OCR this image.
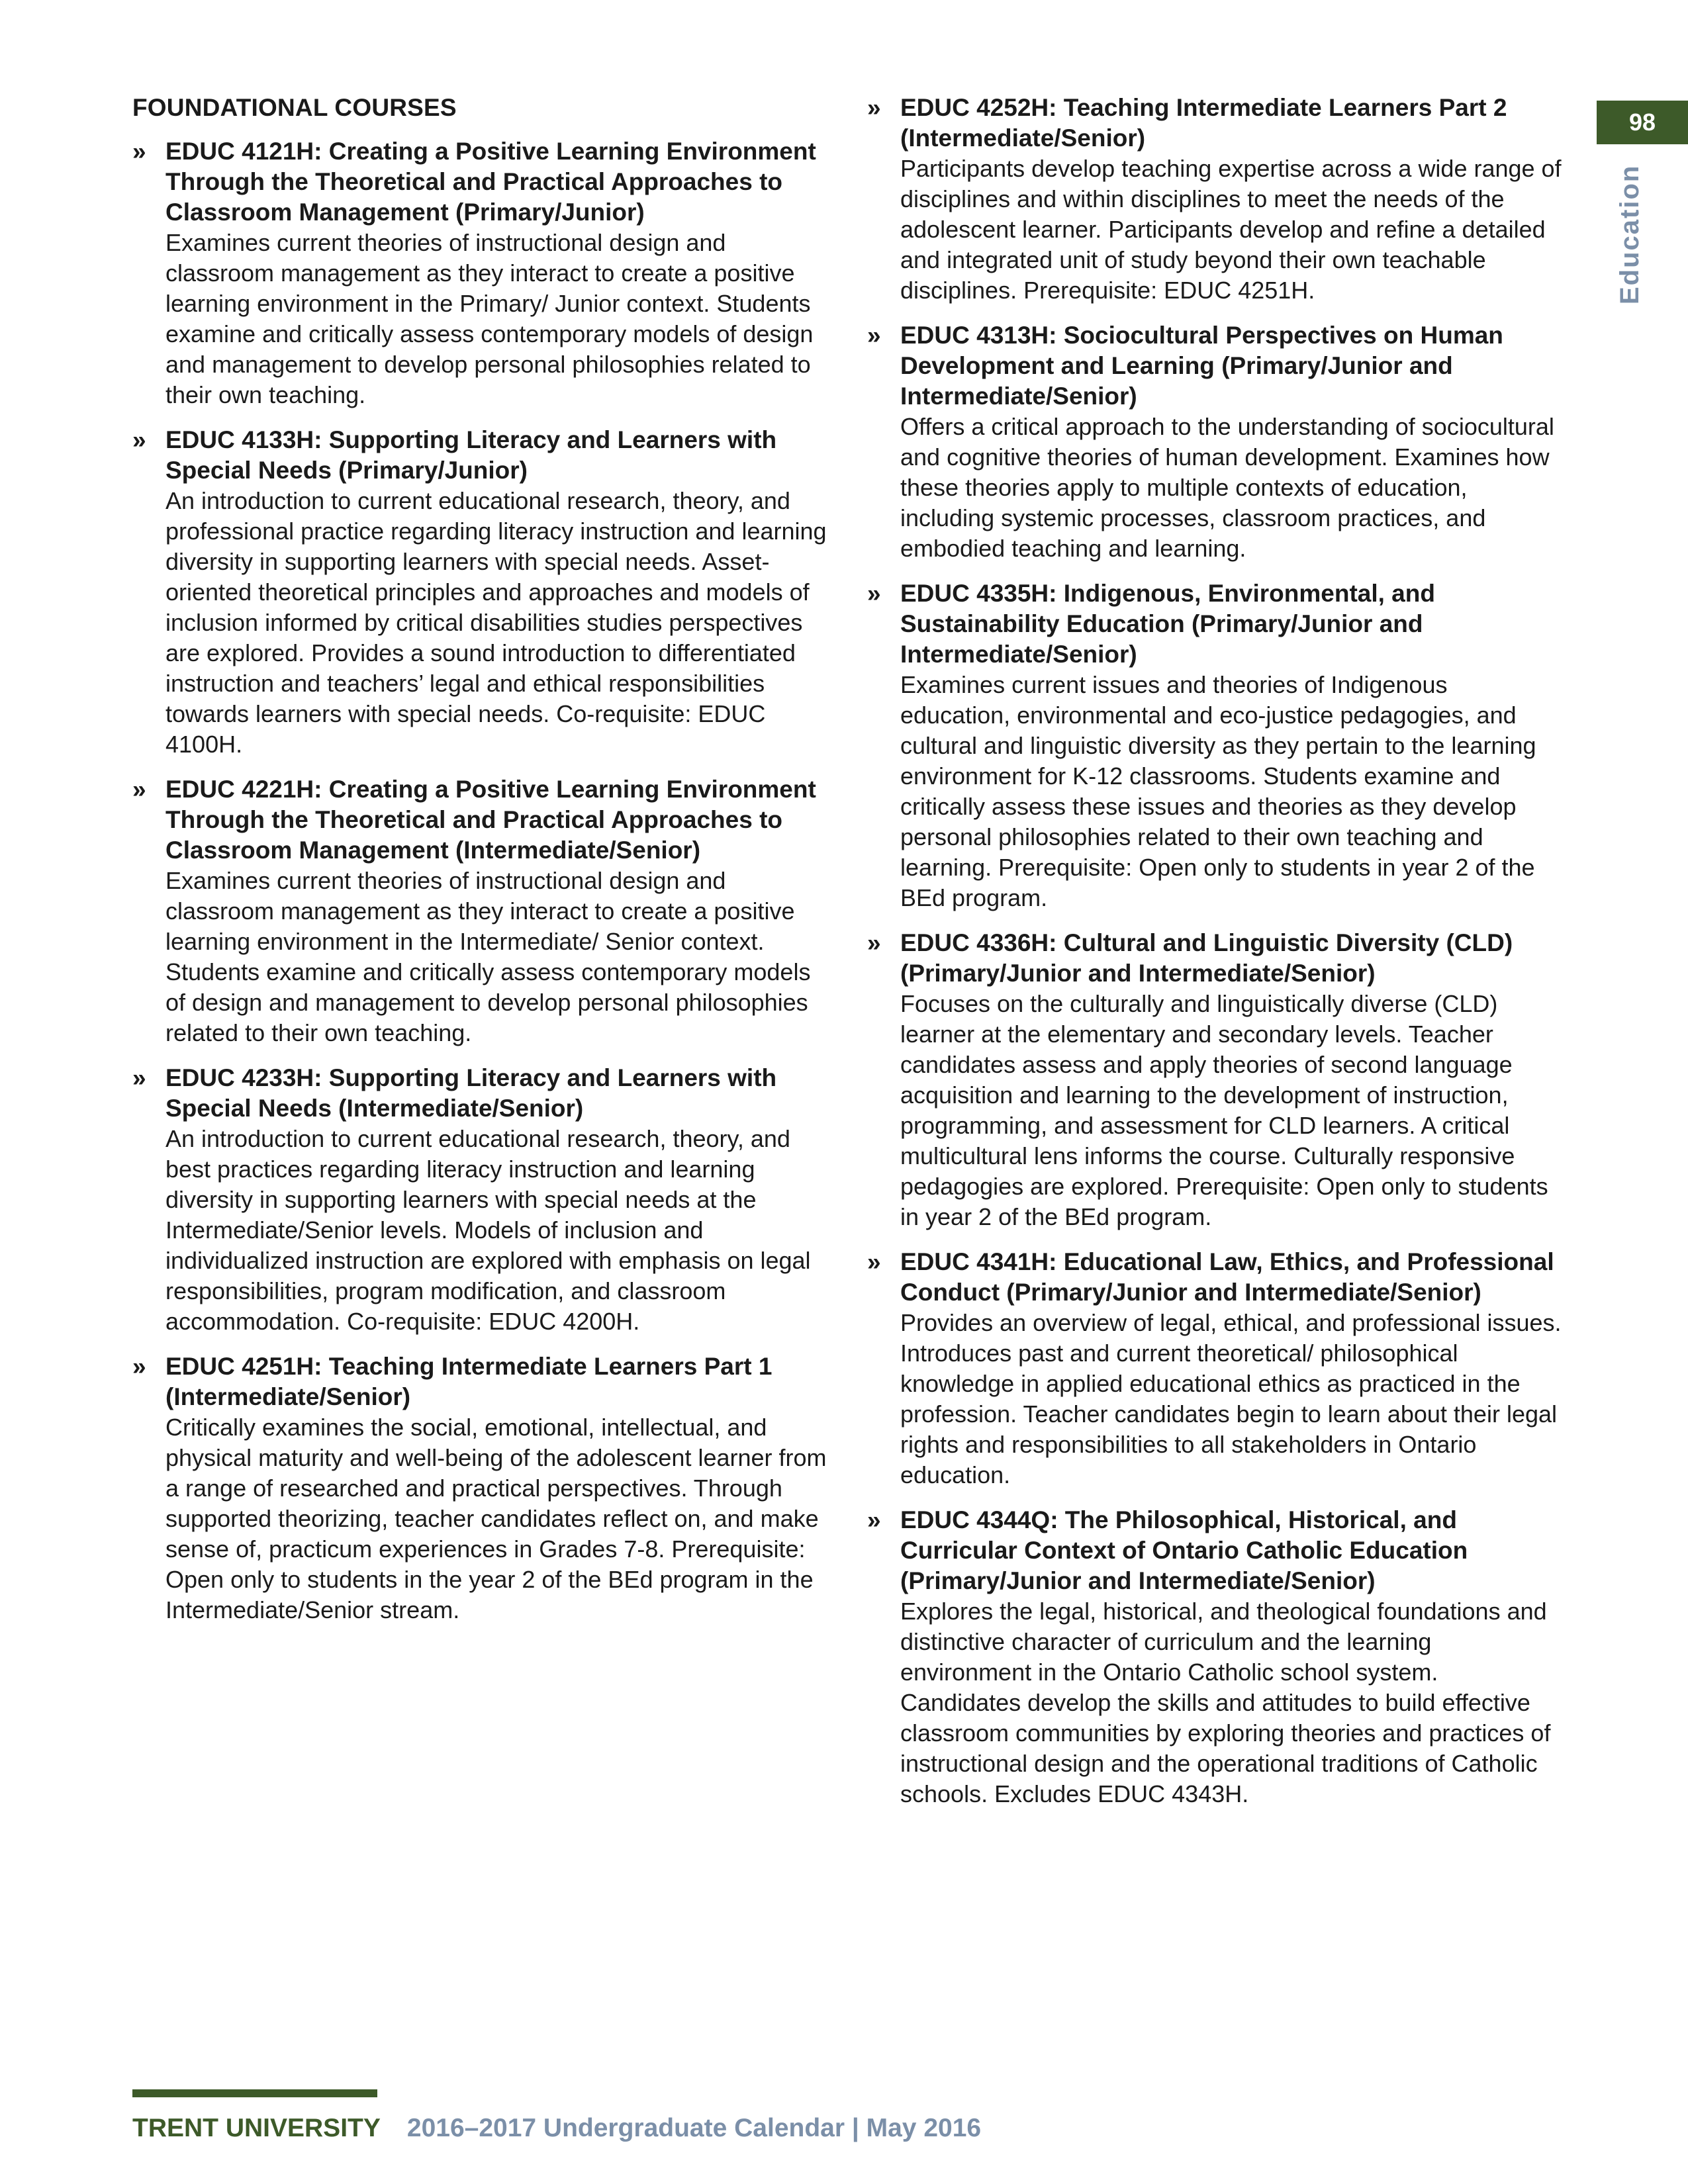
98
Education
FOUNDATIONAL COURSES
» EDUC 4121H: Creating a Positive Learning Environment Through the Theoretical and Practical Approaches to Classroom Management (Primary/Junior)
Examines current theories of instructional design and classroom management as they interact to create a positive learning environment in the Primary/ Junior context. Students examine and critically assess contemporary models of design and management to develop personal philosophies related to their own teaching.
» EDUC 4133H: Supporting Literacy and Learners with Special Needs (Primary/Junior)
An introduction to current educational research, theory, and professional practice regarding literacy instruction and learning diversity in supporting learners with special needs. Asset-oriented theoretical principles and approaches and models of inclusion informed by critical disabilities studies perspectives are explored. Provides a sound introduction to differentiated instruction and teachers’ legal and ethical responsibilities towards learners with special needs. Co-requisite: EDUC 4100H.
» EDUC 4221H: Creating a Positive Learning Environment Through the Theoretical and Practical Approaches to Classroom Management (Intermediate/Senior)
Examines current theories of instructional design and classroom management as they interact to create a positive learning environment in the Intermediate/ Senior context. Students examine and critically assess contemporary models of design and management to develop personal philosophies related to their own teaching.
» EDUC 4233H: Supporting Literacy and Learners with Special Needs (Intermediate/Senior)
An introduction to current educational research, theory, and best practices regarding literacy instruction and learning diversity in supporting learners with special needs at the Intermediate/Senior levels. Models of inclusion and individualized instruction are explored with emphasis on legal responsibilities, program modification, and classroom accommodation. Co-requisite: EDUC 4200H.
» EDUC 4251H: Teaching Intermediate Learners Part 1 (Intermediate/Senior)
Critically examines the social, emotional, intellectual, and physical maturity and well-being of the adolescent learner from a range of researched and practical perspectives. Through supported theorizing, teacher candidates reflect on, and make sense of, practicum experiences in Grades 7-8. Prerequisite: Open only to students in the year 2 of the BEd program in the Intermediate/Senior stream.
» EDUC 4252H: Teaching Intermediate Learners Part 2 (Intermediate/Senior)
Participants develop teaching expertise across a wide range of disciplines and within disciplines to meet the needs of the adolescent learner. Participants develop and refine a detailed and integrated unit of study beyond their own teachable disciplines. Prerequisite: EDUC 4251H.
» EDUC 4313H: Sociocultural Perspectives on Human Development and Learning (Primary/Junior and Intermediate/Senior)
Offers a critical approach to the understanding of sociocultural and cognitive theories of human development. Examines how these theories apply to multiple contexts of education, including systemic processes, classroom practices, and embodied teaching and learning.
» EDUC 4335H: Indigenous, Environmental, and Sustainability Education (Primary/Junior and Intermediate/Senior)
Examines current issues and theories of Indigenous education, environmental and eco-justice pedagogies, and cultural and linguistic diversity as they pertain to the learning environment for K-12 classrooms. Students examine and critically assess these issues and theories as they develop personal philosophies related to their own teaching and learning. Prerequisite: Open only to students in year 2 of the BEd program.
» EDUC 4336H: Cultural and Linguistic Diversity (CLD) (Primary/Junior and Intermediate/Senior)
Focuses on the culturally and linguistically diverse (CLD) learner at the elementary and secondary levels. Teacher candidates assess and apply theories of second language acquisition and learning to the development of instruction, programming, and assessment for CLD learners. A critical multicultural lens informs the course. Culturally responsive pedagogies are explored. Prerequisite: Open only to students in year 2 of the BEd program.
» EDUC 4341H: Educational Law, Ethics, and Professional Conduct (Primary/Junior and Intermediate/Senior)
Provides an overview of legal, ethical, and professional issues. Introduces past and current theoretical/ philosophical knowledge in applied educational ethics as practiced in the profession. Teacher candidates begin to learn about their legal rights and responsibilities to all stakeholders in Ontario education.
» EDUC 4344Q: The Philosophical, Historical, and Curricular Context of Ontario Catholic Education (Primary/Junior and Intermediate/Senior)
Explores the legal, historical, and theological foundations and distinctive character of curriculum and the learning environment in the Ontario Catholic school system. Candidates develop the skills and attitudes to build effective classroom communities by exploring theories and practices of instructional design and the operational traditions of Catholic schools. Excludes EDUC 4343H.
TRENT UNIVERSITY 2016–2017 Undergraduate Calendar | May 2016
